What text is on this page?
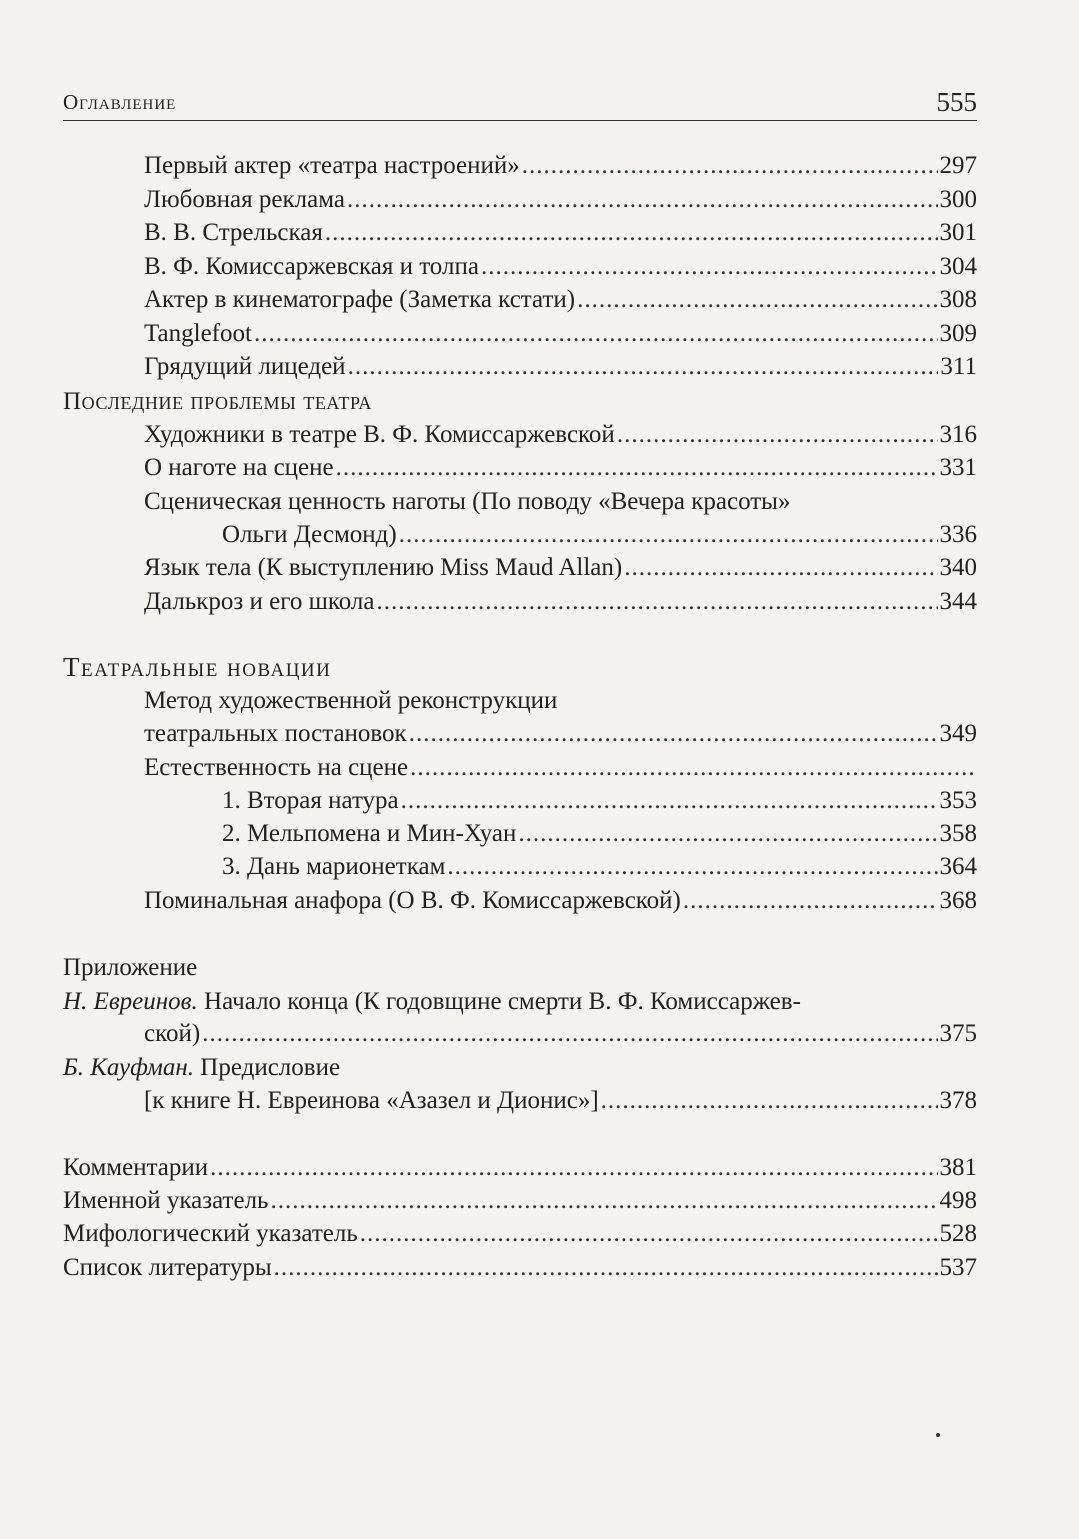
Оглавление	555
Первый актер «театра настроений» .....	297
Любовная реклама .....	300
В. В. Стрельская .....	301
В. Ф. Комиссаржевская и толпа .....	304
Актер в кинематографе (Заметка кстати) .....	308
Tanglefoot .....	309
Грядущий лицедей .....	311
Последние проблемы театра
Художники в театре В. Ф. Комиссаржевской .....	316
О наготе на сцене .....	331
Сценическая ценность наготы (По поводу «Вечера красоты»
Ольги Десмонд) .....	336
Язык тела (К выступлению Miss Maud Allan) .....	340
Далькроз и его школа .....	344
Театральные новации
Метод художественной реконструкции
театральных постановок .....	349
Естественность на сцене
.....
1. Вторая натура .....	353
2. Мельпомена и Мин-Хуан .....	358
3. Дань марионеткам .....	364
Поминальная анафора (О В. Ф. Комиссаржевской) .....	368
Приложение
Н. Евреинов. Начало конца (К годовщине смерти В. Ф. Комиссаржев-
ской) .....	375
Б. Кауфман. Предисловие
[к книге Н. Евреинова «Азазел и Дионис»] .....	378
Комментарии .....	381
Именной указатель .....	498
Мифологический указатель .....	528
Список литературы .....	537
